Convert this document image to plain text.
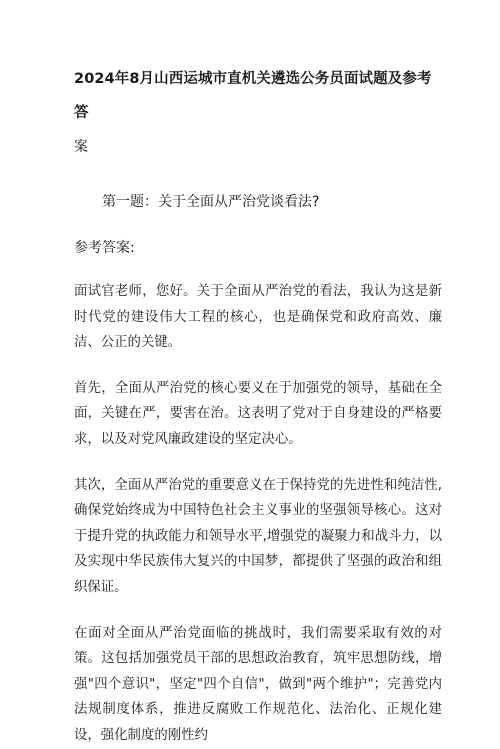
2024年8月山西运城市直机关遴选公务员面试题及参考答
案

第一题：关于全面从严治党谈看法?

参考答案:

面试官老师，您好。关于全面从严治党的看法，我认为这是新时代党的建设伟大工程的核心，也是确保党和政府高效、廉洁、公正的关键。

首先，全面从严治党的核心要义在于加强党的领导，基础在全面，关键在严，要害在治。这表明了党对于自身建设的严格要求，以及对党风廉政建设的坚定决心。

其次，全面从严治党的重要意义在于保持党的先进性和纯洁性,确保党始终成为中国特色社会主义事业的坚强领导核心。这对于提升党的执政能力和领导水平,增强党的凝聚力和战斗力，以及实现中华民族伟大复兴的中国梦，都提供了坚强的政治和组织保证。

在面对全面从严治党面临的挑战时，我们需要采取有效的对策。这包括加强党员干部的思想政治教育，筑牢思想防线，增强"四个意识"，坚定"四个自信"，做到"两个维护"；完善党内法规制度体系，推进反腐败工作规范化、法治化、正规化建设，强化制度的刚性约
